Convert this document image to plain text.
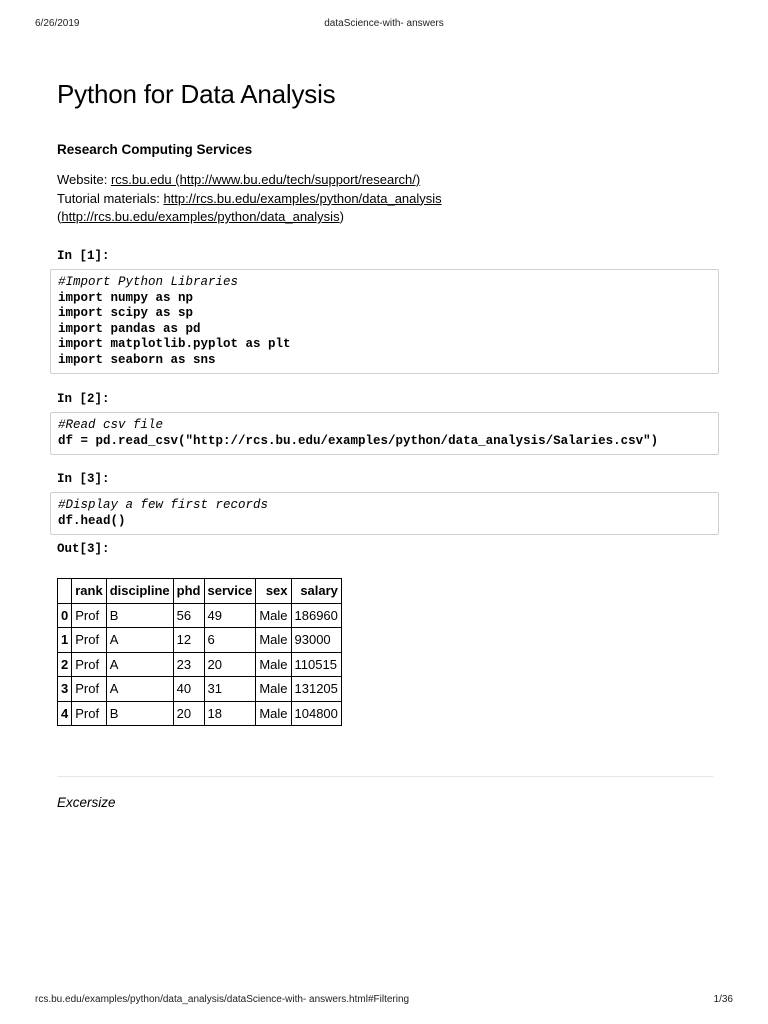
6/26/2019	dataScience-with- answers
Python for Data Analysis
Research Computing Services
Website: rcs.bu.edu (http://www.bu.edu/tech/support/research/)
Tutorial materials: http://rcs.bu.edu/examples/python/data_analysis
(http://rcs.bu.edu/examples/python/data_analysis)
In [1]:
#Import Python Libraries
import numpy as np
import scipy as sp
import pandas as pd
import matplotlib.pyplot as plt
import seaborn as sns
In [2]:
#Read csv file
df = pd.read_csv("http://rcs.bu.edu/examples/python/data_analysis/Salaries.csv")
In [3]:
#Display a few first records
df.head()
Out[3]:
	rank	discipline	phd	service	sex	salary
0	Prof	B	56	49	Male	186960
1	Prof	A	12	6	Male	93000
2	Prof	A	23	20	Male	110515
3	Prof	A	40	31	Male	131205
4	Prof	B	20	18	Male	104800
Excersize
rcs.bu.edu/examples/python/data_analysis/dataScience-with- answers.html#Filtering	1/36
